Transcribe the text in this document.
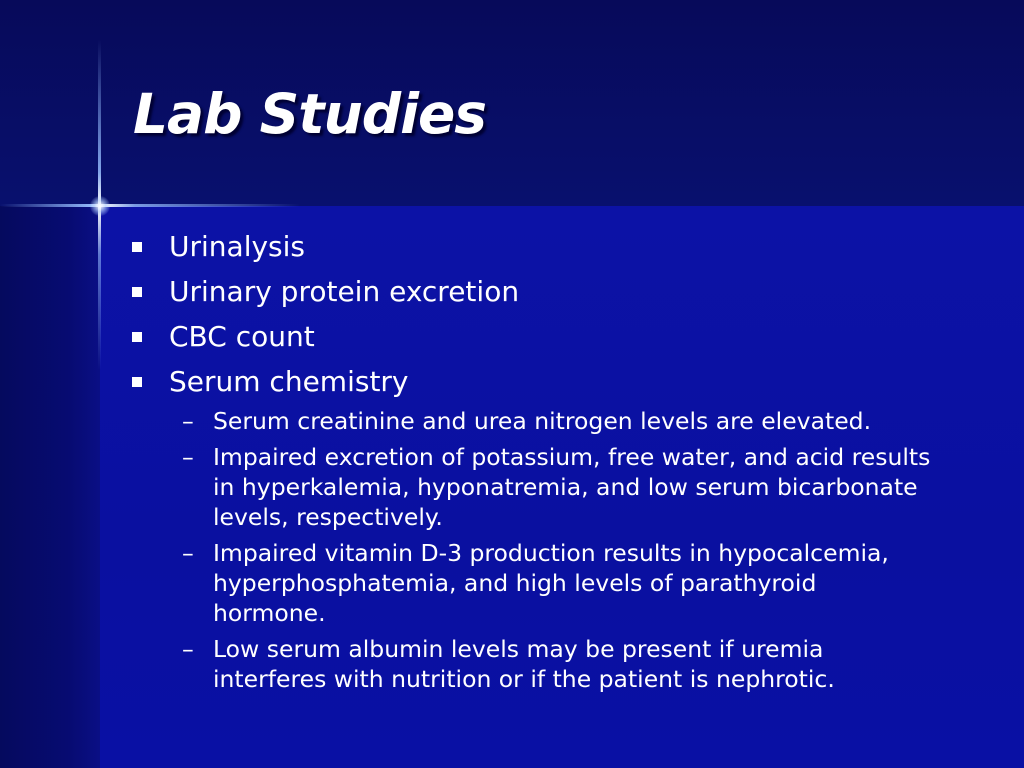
Lab Studies
Urinalysis
Urinary protein excretion
CBC count
Serum chemistry
– Serum creatinine and urea nitrogen levels are elevated.
– Impaired excretion of potassium, free water, and acid results in hyperkalemia, hyponatremia, and low serum bicarbonate levels, respectively.
– Impaired vitamin D-3 production results in hypocalcemia, hyperphosphatemia, and high levels of parathyroid hormone.
– Low serum albumin levels may be present if uremia interferes with nutrition or if the patient is nephrotic.
